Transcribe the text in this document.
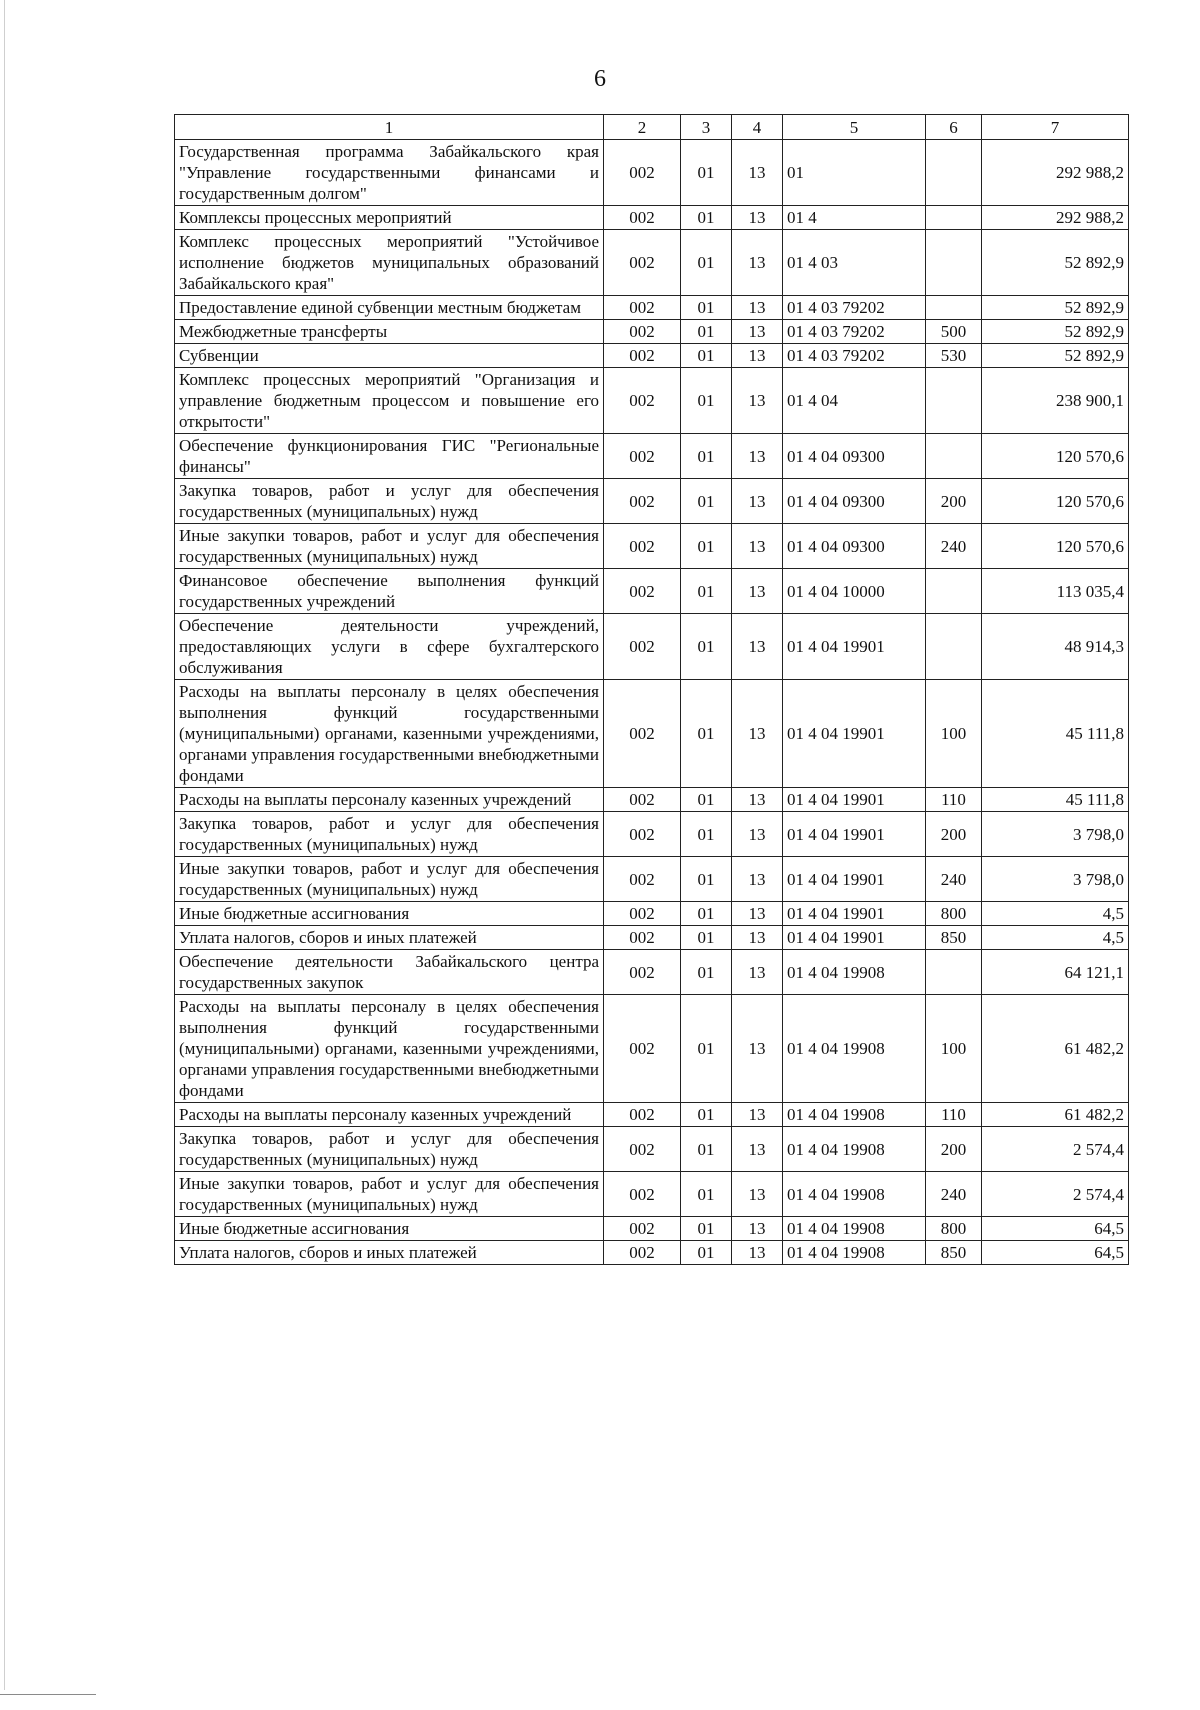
6
1	2	3	4	5	6	7
Государственная программа Забайкальского края "Управление государственными финансами и государственным долгом"	002	01	13	01		292 988,2
Комплексы процессных мероприятий	002	01	13	01 4		292 988,2
Комплекс процессных мероприятий "Устойчивое исполнение бюджетов муниципальных образований Забайкальского края"	002	01	13	01 4 03		52 892,9
Предоставление единой субвенции местным бюджетам	002	01	13	01 4 03 79202		52 892,9
Межбюджетные трансферты	002	01	13	01 4 03 79202	500	52 892,9
Субвенции	002	01	13	01 4 03 79202	530	52 892,9
Комплекс процессных мероприятий "Организация и управление бюджетным процессом и повышение его открытости"	002	01	13	01 4 04		238 900,1
Обеспечение функционирования ГИС "Региональные финансы"	002	01	13	01 4 04 09300		120 570,6
Закупка товаров, работ и услуг для обеспечения государственных (муниципальных) нужд	002	01	13	01 4 04 09300	200	120 570,6
Иные закупки товаров, работ и услуг для обеспечения государственных (муниципальных) нужд	002	01	13	01 4 04 09300	240	120 570,6
Финансовое обеспечение выполнения функций государственных учреждений	002	01	13	01 4 04 10000		113 035,4
Обеспечение деятельности учреждений, предоставляющих услуги в сфере бухгалтерского обслуживания	002	01	13	01 4 04 19901		48 914,3
Расходы на выплаты персоналу в целях обеспечения выполнения функций государственными (муниципальными) органами, казенными учреждениями, органами управления государственными внебюджетными фондами	002	01	13	01 4 04 19901	100	45 111,8
Расходы на выплаты персоналу казенных учреждений	002	01	13	01 4 04 19901	110	45 111,8
Закупка товаров, работ и услуг для обеспечения государственных (муниципальных) нужд	002	01	13	01 4 04 19901	200	3 798,0
Иные закупки товаров, работ и услуг для обеспечения государственных (муниципальных) нужд	002	01	13	01 4 04 19901	240	3 798,0
Иные бюджетные ассигнования	002	01	13	01 4 04 19901	800	4,5
Уплата налогов, сборов и иных платежей	002	01	13	01 4 04 19901	850	4,5
Обеспечение деятельности Забайкальского центра государственных закупок	002	01	13	01 4 04 19908		64 121,1
Расходы на выплаты персоналу в целях обеспечения выполнения функций государственными (муниципальными) органами, казенными учреждениями, органами управления государственными внебюджетными фондами	002	01	13	01 4 04 19908	100	61 482,2
Расходы на выплаты персоналу казенных учреждений	002	01	13	01 4 04 19908	110	61 482,2
Закупка товаров, работ и услуг для обеспечения государственных (муниципальных) нужд	002	01	13	01 4 04 19908	200	2 574,4
Иные закупки товаров, работ и услуг для обеспечения государственных (муниципальных) нужд	002	01	13	01 4 04 19908	240	2 574,4
Иные бюджетные ассигнования	002	01	13	01 4 04 19908	800	64,5
Уплата налогов, сборов и иных платежей	002	01	13	01 4 04 19908	850	64,5
